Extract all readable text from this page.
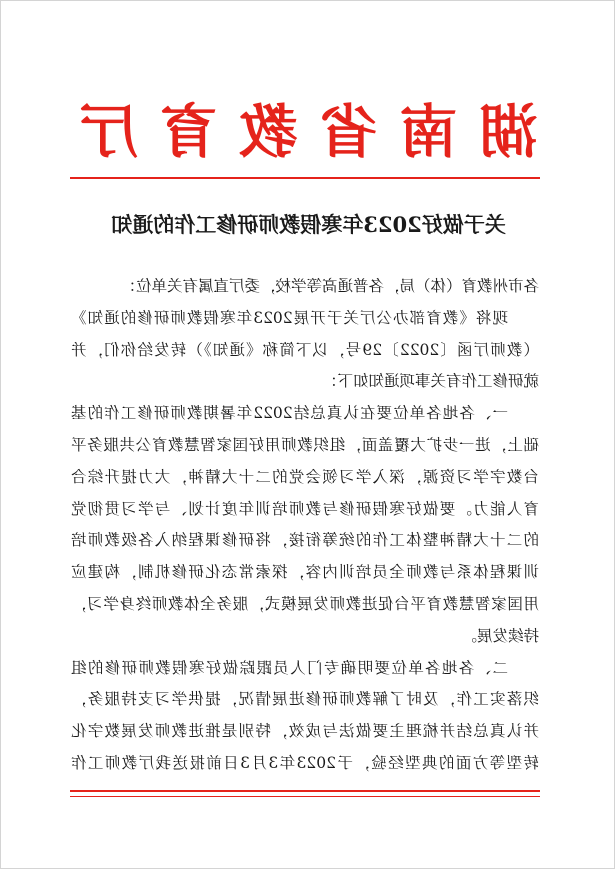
湖南省教育厅
关于做好2023年寒假教师研修工作的通知
各市州教育（体）局，各普通高等学校，委厅直属有关单位：
现将《教育部办公厅关于开展2023年寒假教师研修的通知》
（教师厅函〔2022〕29号，以下简称《通知》）转发给你们，并
就研修工作有关事项通知如下：
一、各地各单位要在认真总结2022年暑期教师研修工作的基
础上，进一步扩大覆盖面，组织教师用好国家智慧教育公共服务平
台数字学习资源，深入学习领会党的二十大精神，大力提升综合
育人能力。要做好寒假研修与教师培训年度计划、与学习贯彻党
的二十大精神整体工作的统筹衔接，将研修课程纳入各级教师培
训课程体系与教师全员培训内容，探索常态化研修机制，构建应
用国家智慧教育平台促进教师发展模式，服务全体教师终身学习，
持续发展。
二、各地各单位要明确专门人员跟踪做好寒假教师研修的组
织落实工作，及时了解教师研修进展情况，提供学习支持服务，
并认真总结并梳理主要做法与成效，特别是推进教师发展数字化
转型等方面的典型经验，于2023年3月3日前报送我厅教师工作
